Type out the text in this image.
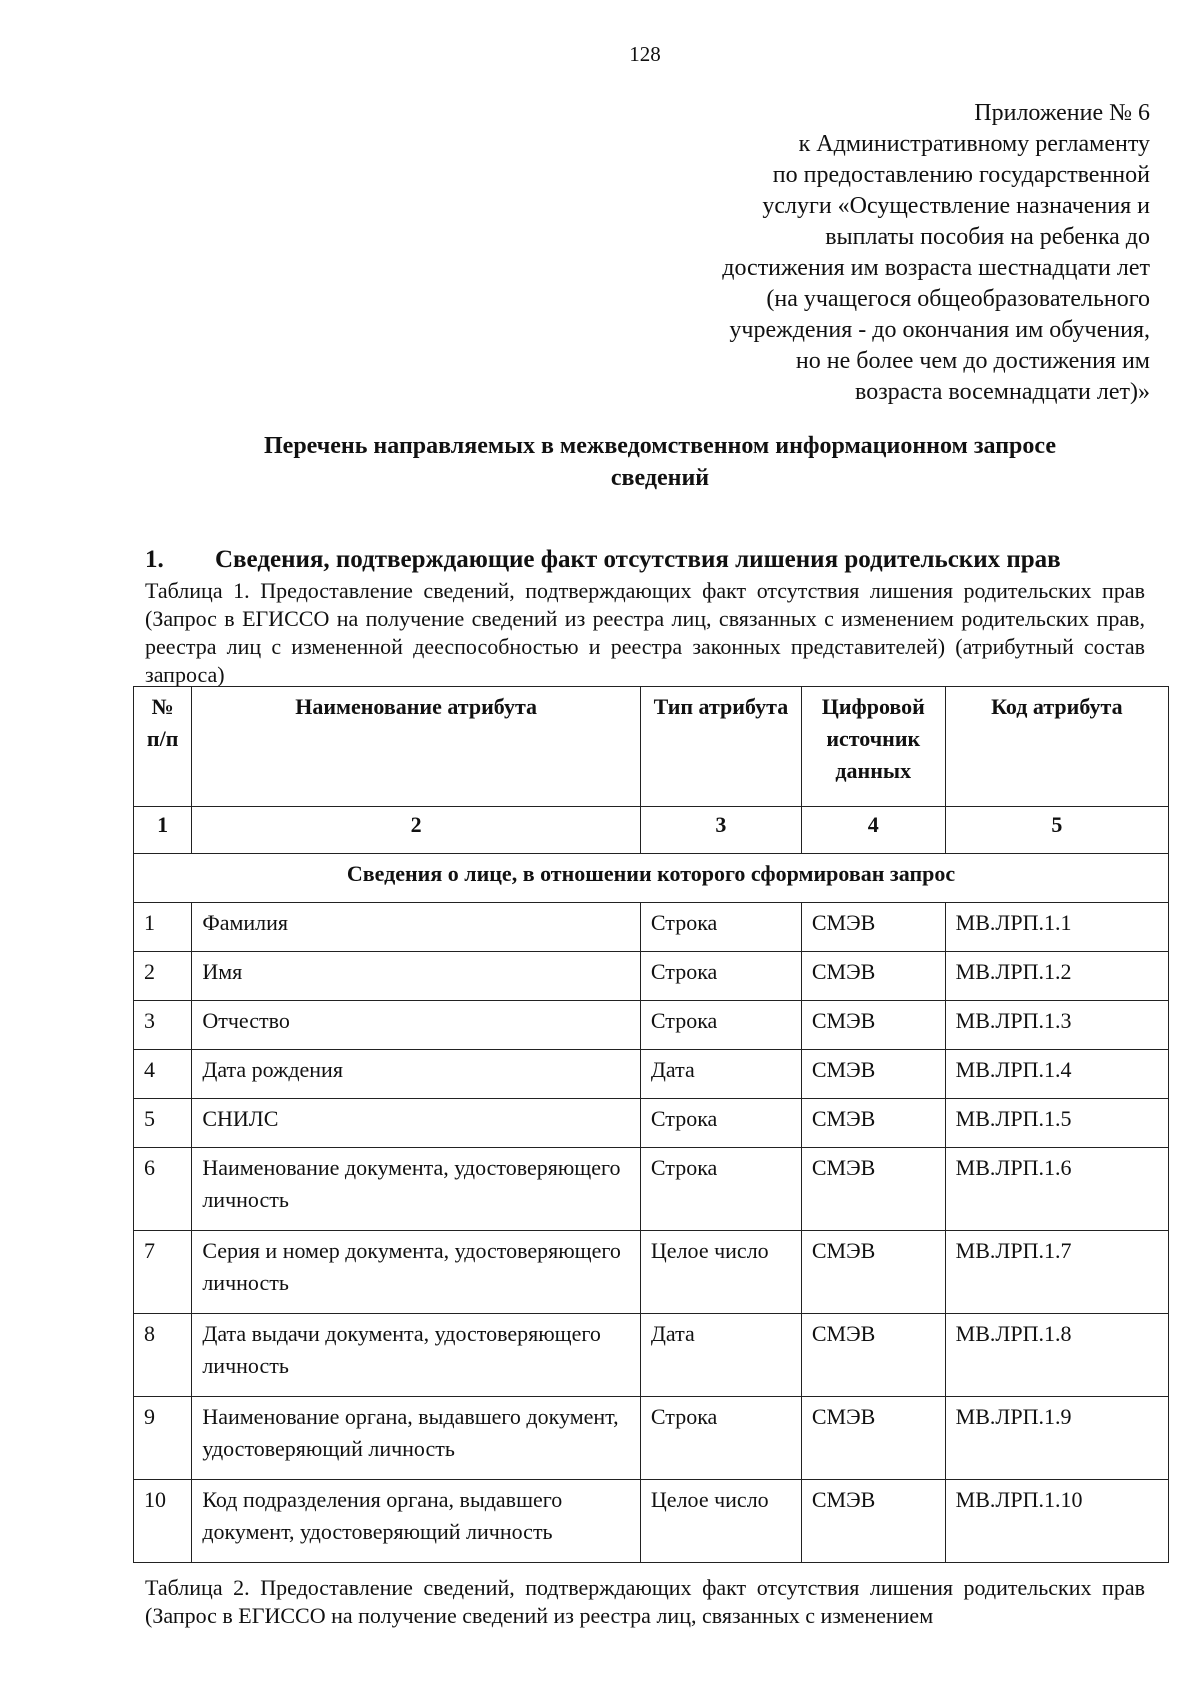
128
Приложение № 6
к Административному регламенту
по предоставлению государственной
услуги «Осуществление назначения и
выплаты пособия на ребенка до
достижения им возраста шестнадцати лет
(на учащегося общеобразовательного
учреждения - до окончания им обучения,
но не более чем до достижения им
возраста восемнадцати лет)»
Перечень направляемых в межведомственном информационном запросе
сведений
1. Сведения, подтверждающие факт отсутствия лишения родительских прав
Таблица 1. Предоставление сведений, подтверждающих факт отсутствия лишения родительских прав (Запрос в ЕГИССО на получение сведений из реестра лиц, связанных с изменением родительских прав, реестра лиц с измененной дееспособностью и реестра законных представителей) (атрибутный состав запроса)
№ п/п	Наименование атрибута	Тип атрибута	Цифровой источник данных	Код атрибута
1	2	3	4	5
Сведения о лице, в отношении которого сформирован запрос				
1	Фамилия	Строка	СМЭВ	МВ.ЛРП.1.1
2	Имя	Строка	СМЭВ	МВ.ЛРП.1.2
3	Отчество	Строка	СМЭВ	МВ.ЛРП.1.3
4	Дата рождения	Дата	СМЭВ	МВ.ЛРП.1.4
5	СНИЛС	Строка	СМЭВ	МВ.ЛРП.1.5
6	Наименование документа, удостоверяющего личность	Строка	СМЭВ	МВ.ЛРП.1.6
7	Серия и номер документа, удостоверяющего личность	Целое число	СМЭВ	МВ.ЛРП.1.7
8	Дата выдачи документа, удостоверяющего личность	Дата	СМЭВ	МВ.ЛРП.1.8
9	Наименование органа, выдавшего документ, удостоверяющий личность	Строка	СМЭВ	МВ.ЛРП.1.9
10	Код подразделения органа, выдавшего документ, удостоверяющий личность	Целое число	СМЭВ	МВ.ЛРП.1.10
Таблица 2. Предоставление сведений, подтверждающих факт отсутствия лишения родительских прав (Запрос в ЕГИССО на получение сведений из реестра лиц, связанных с изменением
